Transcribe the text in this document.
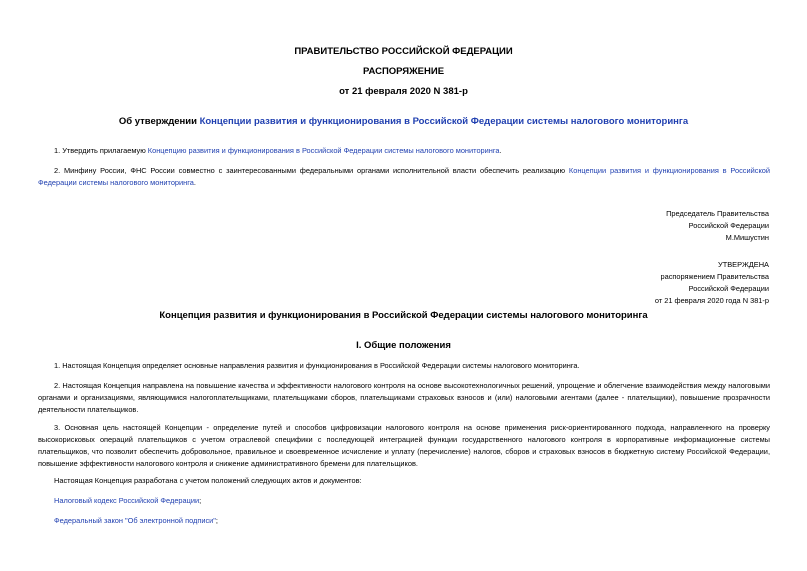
ПРАВИТЕЛЬСТВО РОССИЙСКОЙ ФЕДЕРАЦИИ
РАСПОРЯЖЕНИЕ
от 21 февраля 2020 N 381-р
Об утверждении Концепции развития и функционирования в Российской Федерации системы налогового мониторинга
1. Утвердить прилагаемую Концепцию развития и функционирования в Российской Федерации системы налогового мониторинга.
2. Минфину России, ФНС России совместно с заинтересованными федеральными органами исполнительной власти обеспечить реализацию Концепции развития и функционирования в Российской Федерации системы налогового мониторинга.
Председатель Правительства
Российской Федерации
М.Мишустин
УТВЕРЖДЕНА
распоряжением Правительства
Российской Федерации
от 21 февраля 2020 года N 381-р
Концепция развития и функционирования в Российской Федерации системы налогового мониторинга
I. Общие положения
1. Настоящая Концепция определяет основные направления развития и функционирования в Российской Федерации системы налогового мониторинга.
2. Настоящая Концепция направлена на повышение качества и эффективности налогового контроля на основе высокотехнологичных решений, упрощение и облегчение взаимодействия между налоговыми органами и организациями, являющимися налогоплательщиками, плательщиками сборов, плательщиками страховых взносов и (или) налоговыми агентами (далее - плательщики), повышение прозрачности деятельности плательщиков.
3. Основная цель настоящей Концепции - определение путей и способов цифровизации налогового контроля на основе применения риск-ориентированного подхода, направленного на проверку высокорисковых операций плательщиков с учетом отраслевой специфики с последующей интеграцией функции государственного налогового контроля в корпоративные информационные системы плательщиков, что позволит обеспечить добровольное, правильное и своевременное исчисление и уплату (перечисление) налогов, сборов и страховых взносов в бюджетную систему Российской Федерации, повышение эффективности налогового контроля и снижение административного бремени для плательщиков.
Настоящая Концепция разработана с учетом положений следующих актов и документов:
Налоговый кодекс Российской Федерации;
Федеральный закон "Об электронной подписи";
